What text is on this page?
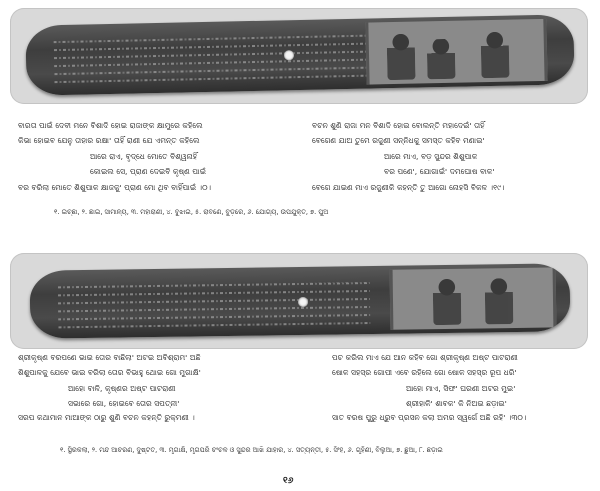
ବାରତା ପାଇଁ ଦେବୀ ମନେ ବିଶାଦି ହୋଇ ରାଜାଙ୍କ କ୍ଷାମୁରେ କହିଲେ
କିଭା ହୋଇବ ଯେନୁ ତାହାର ରକ୍ଷା' ତାହିଁ ରାଣୀ ଯେ ଏମନ୍ତ କହିଲେ
ଆରେ ରାଏ, ବୃଦ୍ଧେ ମୋତେ ବିଶ୍ୱନାହିଁ
କୋଇଲ ସେ, ପ୍ରାଣ ଦେଇବି କୃଷ୍ଣ ପାଇଁ
ବର ବରିଲା ମୋତେ ଶିଶୁପାଳ କ୍ଷାଜକୁ' ପ୍ରାଣ ମୋ ଥିବ ବାହିଁପାଇଁ ।୦।
ବଚନ ଶୁଣି ରାଜା ମନ ବିଶାଦି ହୋଇ ବୋଲନ୍ତି ମହାଦେଇଁ' ତାହିଁ
ବେଗେଣ ଯାଅ ତୁମେ ରଜୁଣୀ ସନ୍ନିଧକୁ ସମସ୍ତ କହିବ ମଣାଇ'
ଆରେ ମାଏ, ବଡ଼ ସୁନ୍ଦର ଶିଶୁପାଳ
ବର ପଣେ', ଯୋଗାଇଁ' ଦମଘୋଷ ବାଳ'
ବେଗେ ଯାଇଣ ମାଏ ରଜୁଣୀକି କହନ୍ତି ତୁ ଆଗୋ ନୋହସି ବିକଳ ।୧୯।
୧. ଇଚ୍ଛା, ୨. ଛାଇ, ସାମାନ୍ୟ, ୩. ମହାରାଣୀ, ୪. ବୁଝାଇ, ୫. ରାବଣେ, ବୁଡ଼ରେ, ୬. ଯୋଗ୍ୟ, ଉପଯୁକ୍ତ, ୭. ପୁଅ
ଶ୍ରୀକୃଷ୍ଣ ବରପଣେ ଭାଇ ତୋର ବାଛିଲା' ଅଟଇ ଅବିଶ୍ରାମ' ଅଛି
ଶିଶୁପାଳକୁ ଯେବେ ଭାଇ ବରିଲା ତୋର ବିଭାହୁ ଥୋଇ ଗୋ ମୁଗାକ୍ଷି'
ଆହୋ ବାଳି, କୃଷ୍ଣର ଅଷ୍ଟ ପାଟରାଣୀ
ସଭାରେ ଗୋ, ହୋଇବେ ତୋର ସପତ୍ନୀ'
ସରପ କଥାମାନ ମାଆଙ୍କ ଠାରୁ ଶୁଣି ବଚନ କହନ୍ତି ରୁକ୍ମଣୀ ।
ପଚ କରିଲ ମାଏ ଯେ ଆନ କହିବ ଗୋ ଶ୍ରୀକୃଷ୍ଣ ଅଷ୍ଟ ପାଟରାଣୀ
ଷୋଳ ସହସ୍ର ଗୋପୀ ଏବେ ରହିଲେ ଗୋ ଷୋଳ ସହସ୍ର ରୂପ ଧରି'
ଆହୋ ମାଏ, ସିଫ' ଘରଣୀ ଅଟର ମୁଇ'
ଶ୍ରୀହାଳି' ଶାବକ' କି ନିଅଇ ଛଡ଼ାଇ'
ସାତ ବରଷ ପୁରୁ ଧ୍ରୁବ ପ୍ରସନ କଲା ଅମର ସ୍ୱର୍ଗେ ଅଛି ରହି' ।୩୦।
୧. ସ୍ଥିରକଲା, ୨. ମନ୍ଦ ଆଚରଣ, ଦୁଷ୍ଟତ, ୩. ମୃଗାକ୍ଷି, ମୃଗପରି ଚଂଚଳ ଓ ସୁନ୍ଦର ଆଖି ଯାହାର, ୪. ସତ୍ୟନ୍ତୀ, ୫. ସିଂହ, ୬. ଗୃହିଣୀ, ବିଲୁଆ, ୭. ଛୁଆ, ୮. ଛଡ଼ାଇ
୧୬
